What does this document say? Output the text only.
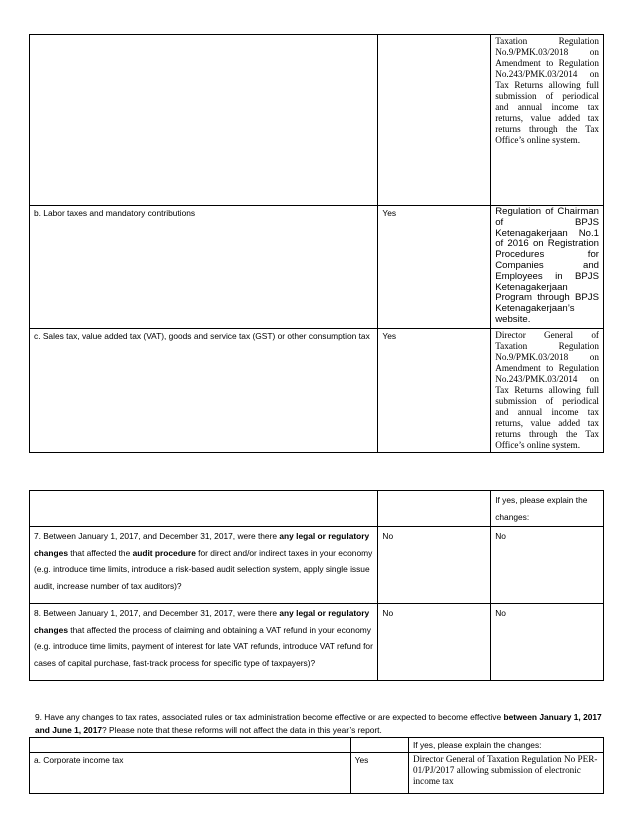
		Taxation Regulation No.9/PMK.03/2018 on Amendment to Regulation No.243/PMK.03/2014 on Tax Returns allowing full submission of periodical and annual income tax returns, value added tax returns through the Tax Office’s online system.
b. Labor taxes and mandatory contributions	Yes	Regulation of Chairman of BPJS Ketenagakerjaan No.1 of 2016 on Registration Procedures for Companies and Employees in BPJS Ketenagakerjaan Program through BPJS Ketenagakerjaan’s website.
c. Sales tax, value added tax (VAT), goods and service tax (GST) or other consumption tax	Yes	Director General of Taxation Regulation No.9/PMK.03/2018 on Amendment to Regulation No.243/PMK.03/2014 on Tax Returns allowing full submission of periodical and annual income tax returns, value added tax returns through the Tax Office’s online system.
		If yes, please explain the changes:
7. Between January 1, 2017, and December 31, 2017, were there any legal or regulatory changes that affected the audit procedure for direct and/or indirect taxes in your economy (e.g. introduce time limits, introduce a risk-based audit selection system, apply single issue audit, increase number of tax auditors)?	No	No
8. Between January 1, 2017, and December 31, 2017, were there any legal or regulatory changes that affected the process of claiming and obtaining a VAT refund in your economy (e.g. introduce time limits, payment of interest for late VAT refunds, introduce VAT refund for cases of capital purchase, fast-track process for specific type of taxpayers)?	No	No
9. Have any changes to tax rates, associated rules or tax administration become effective or are expected to become effective between January 1, 2017 and June 1, 2017? Please note that these reforms will not affect the data in this year’s report.
		If yes, please explain the changes:
a. Corporate income tax	Yes	Director General of Taxation Regulation No PER-01/PJ/2017 allowing submission of electronic income tax
